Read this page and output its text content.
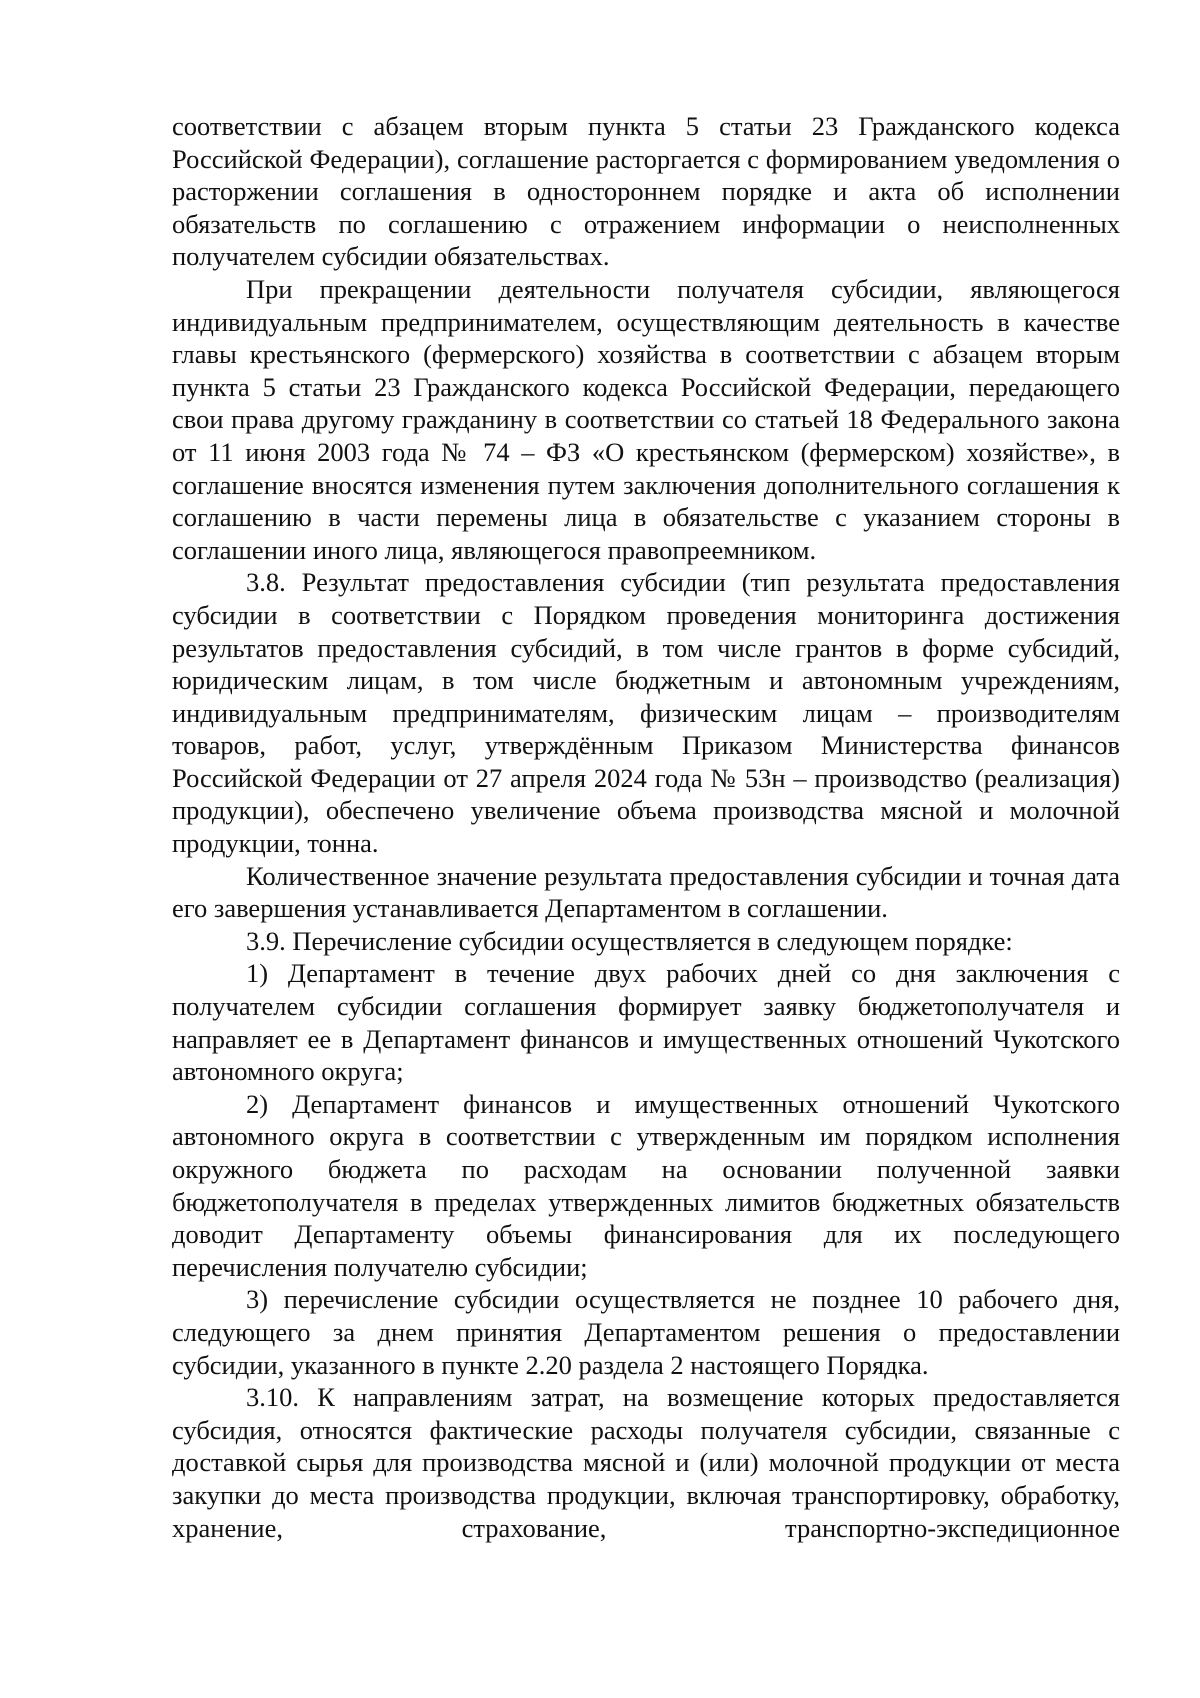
соответствии с абзацем вторым пункта 5 статьи 23 Гражданского кодекса Российской Федерации), соглашение расторгается с формированием уведомления о расторжении соглашения в одностороннем порядке и акта об исполнении обязательств по соглашению с отражением информации о неисполненных получателем субсидии обязательствах.

При прекращении деятельности получателя субсидии, являющегося индивидуальным предпринимателем, осуществляющим деятельность в качестве главы крестьянского (фермерского) хозяйства в соответствии с абзацем вторым пункта 5 статьи 23 Гражданского кодекса Российской Федерации, передающего свои права другому гражданину в соответствии со статьей 18 Федерального закона от 11 июня 2003 года № 74 – ФЗ «О крестьянском (фермерском) хозяйстве», в соглашение вносятся изменения путем заключения дополнительного соглашения к соглашению в части перемены лица в обязательстве с указанием стороны в соглашении иного лица, являющегося правопреемником.

3.8. Результат предоставления субсидии (тип результата предоставления субсидии в соответствии с Порядком проведения мониторинга достижения результатов предоставления субсидий, в том числе грантов в форме субсидий, юридическим лицам, в том числе бюджетным и автономным учреждениям, индивидуальным предпринимателям, физическим лицам – производителям товаров, работ, услуг, утверждённым Приказом Министерства финансов Российской Федерации от 27 апреля 2024 года № 53н – производство (реализация) продукции), обеспечено увеличение объема производства мясной и молочной продукции, тонна.

Количественное значение результата предоставления субсидии и точная дата его завершения устанавливается Департаментом в соглашении.

3.9. Перечисление субсидии осуществляется в следующем порядке:

1) Департамент в течение двух рабочих дней со дня заключения с получателем субсидии соглашения формирует заявку бюджетополучателя и направляет ее в Департамент финансов и имущественных отношений Чукотского автономного округа;

2) Департамент финансов и имущественных отношений Чукотского автономного округа в соответствии с утвержденным им порядком исполнения окружного бюджета по расходам на основании полученной заявки бюджетополучателя в пределах утвержденных лимитов бюджетных обязательств доводит Департаменту объемы финансирования для их последующего перечисления получателю субсидии;

3) перечисление субсидии осуществляется не позднее 10 рабочего дня, следующего за днем принятия Департаментом решения о предоставлении субсидии, указанного в пункте 2.20 раздела 2 настоящего Порядка.

3.10. К направлениям затрат, на возмещение которых предоставляется субсидия, относятся фактические расходы получателя субсидии, связанные с доставкой сырья для производства мясной и (или) молочной продукции от места закупки до места производства продукции, включая транспортировку, обработку, хранение, страхование, транспортно-экспедиционное
